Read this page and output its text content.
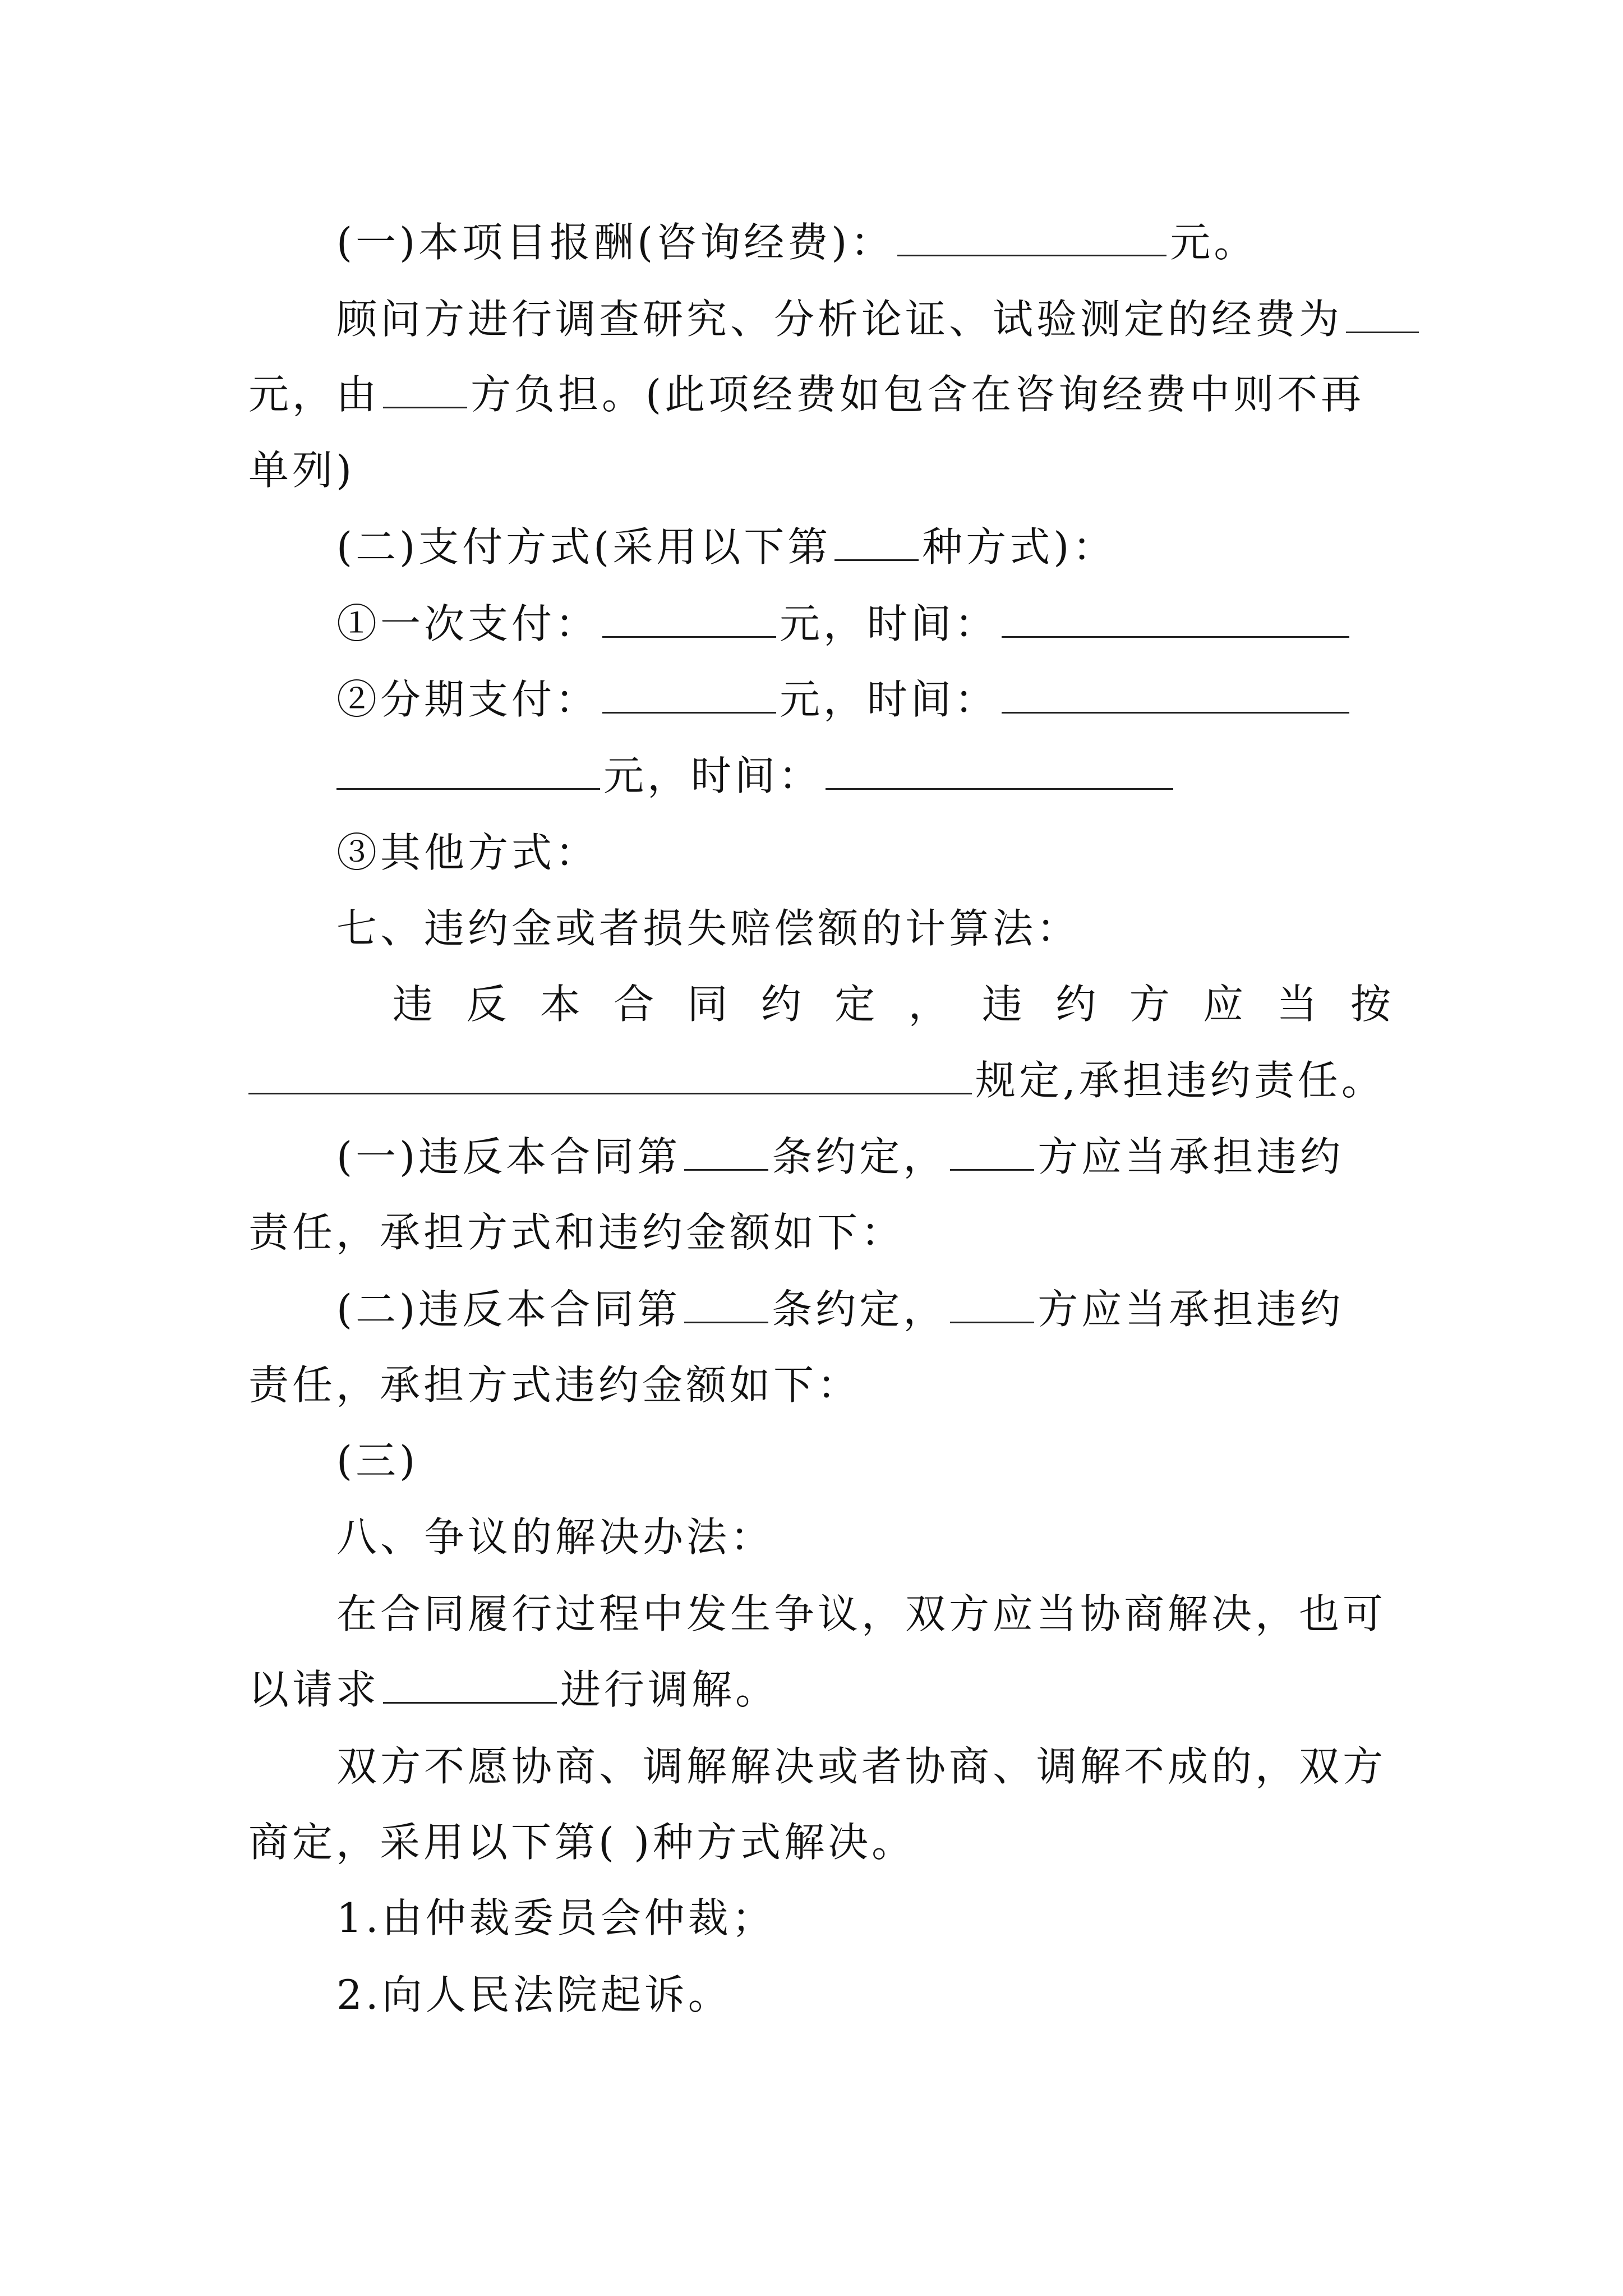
(一)本项目报酬(咨询经费)：	元。
顾问方进行调查研究、分析论证、试验测定的经费为
元，由 方负担。(此项经费如包含在咨询经费中则不再
单列)
(二)支付方式(采用以下第 种方式)：
①一次支付：	元，时间：
②分期支付：	元，时间：
元，时间：
③其他方式：
七、违约金或者损失赔偿额的计算法：
违 反 本 合 同 约 定 ， 违 约 方 应 当 按
规定,承担违约责任。
(一)违反本合同第 条约定， 方应当承担违约
责任，承担方式和违约金额如下：
(二)违反本合同第 条约定， 方应当承担违约
责任，承担方式违约金额如下：
(三)
八、争议的解决办法：
在合同履行过程中发生争议，双方应当协商解决，也可
以请求	进行调解。
双方不愿协商、调解解决或者协商、调解不成的，双方
商定，采用以下第( )种方式解决。
1.由仲裁委员会仲裁；
2.向人民法院起诉。
